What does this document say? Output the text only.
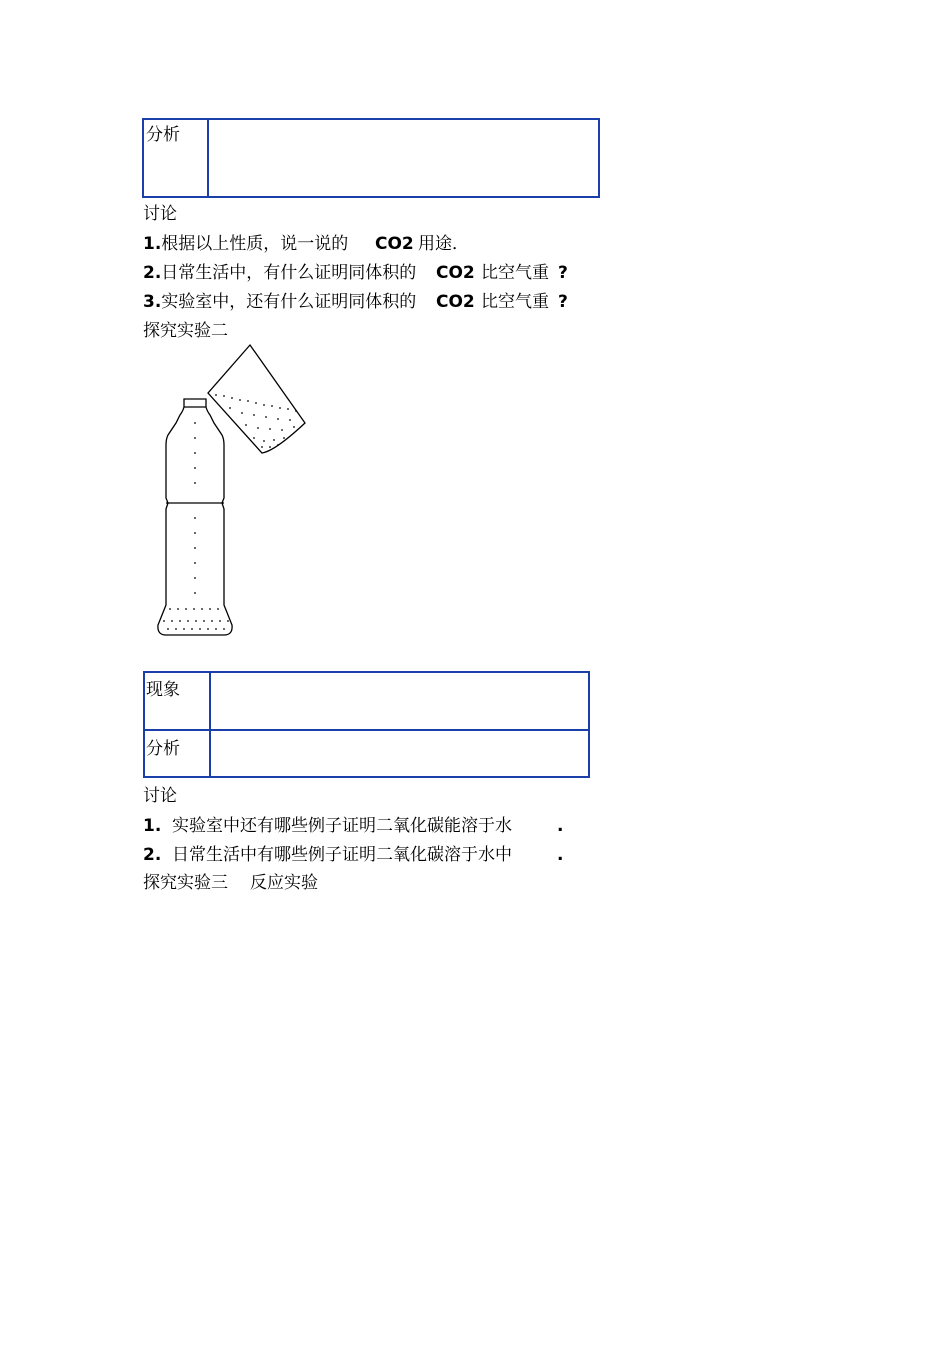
分析
讨论
1.根据以上性质，说一说的 CO2 用途．
2.日常生活中，有什么证明同体积的 CO2 比空气重 ?
3.实验室中，还有什么证明同体积的 CO2 比空气重 ?
探究实验二
现象
分析
讨论
1. 实验室中还有哪些例子证明二氧化碳能溶于水	.
2. 日常生活中有哪些例子证明二氧化碳溶于水中	.
探究实验三 反应实验
